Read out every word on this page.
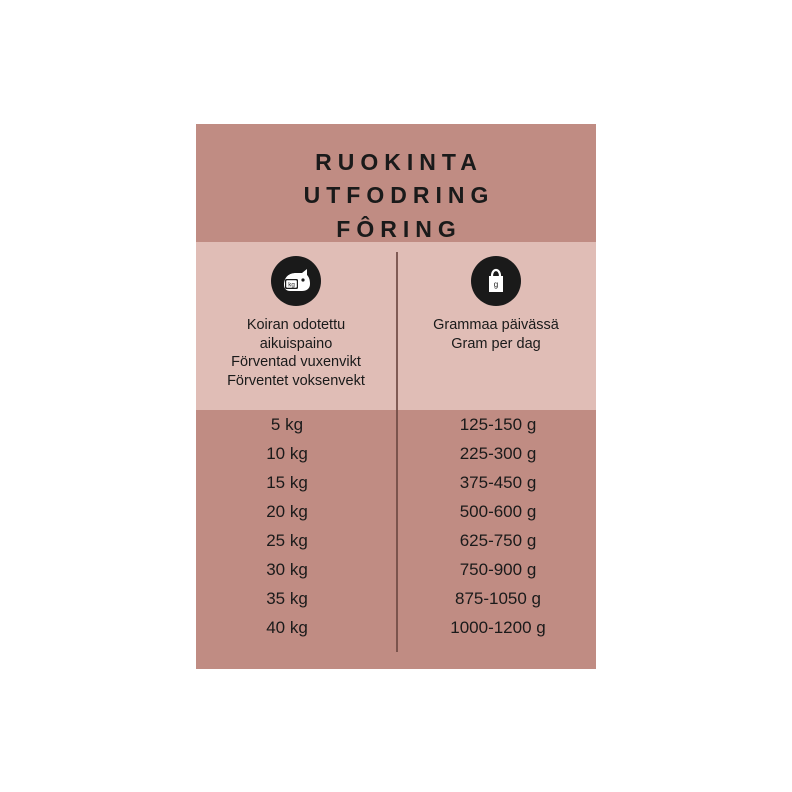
RUOKINTA
UTFODRING
FÔRING
kg
Koiran odotettu
aikuispaino
Förventad vuxenvikt
Förventet voksenvekt
g
Grammaa päivässä
Gram per dag
5 kg	125-150 g
10 kg	225-300 g
15 kg	375-450 g
20 kg	500-600 g
25 kg	625-750 g
30 kg	750-900 g
35 kg	875-1050 g
40 kg	1000-1200 g
